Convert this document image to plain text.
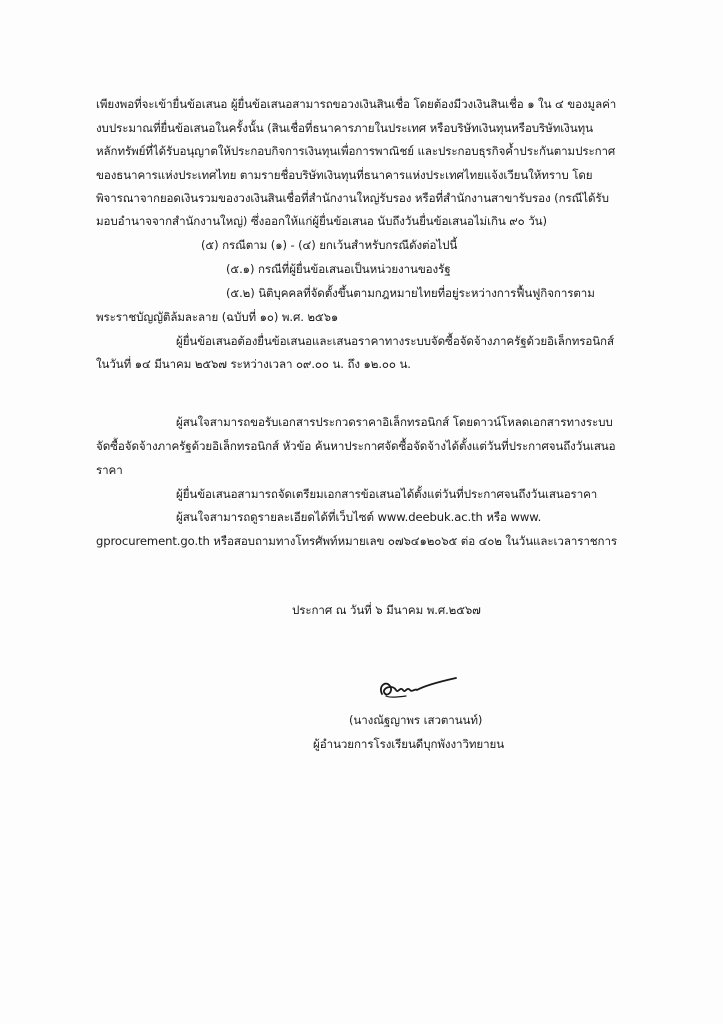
เพียงพอที่จะเข้ายื่นข้อเสนอ ผู้ยื่นข้อเสนอสามารถขอวงเงินสินเชื่อ โดยต้องมีวงเงินสินเชื่อ ๑ ใน ๔ ของมูลค่า
งบประมาณที่ยื่นข้อเสนอในครั้งนั้น (สินเชื่อที่ธนาคารภายในประเทศ หรือบริษัทเงินทุนหรือบริษัทเงินทุน
หลักทรัพย์ที่ได้รับอนุญาตให้ประกอบกิจการเงินทุนเพื่อการพาณิชย์ และประกอบธุรกิจค้ำประกันตามประกาศ
ของธนาคารแห่งประเทศไทย ตามรายชื่อบริษัทเงินทุนที่ธนาคารแห่งประเทศไทยแจ้งเวียนให้ทราบ โดย
พิจารณาจากยอดเงินรวมของวงเงินสินเชื่อที่สำนักงานใหญ่รับรอง หรือที่สำนักงานสาขารับรอง (กรณีได้รับ
มอบอำนาจจากสำนักงานใหญ่) ซึ่งออกให้แก่ผู้ยื่นข้อเสนอ นับถึงวันยื่นข้อเสนอไม่เกิน ๙๐ วัน)
(๕) กรณีตาม (๑) - (๔) ยกเว้นสำหรับกรณีดังต่อไปนี้
(๕.๑) กรณีที่ผู้ยื่นข้อเสนอเป็นหน่วยงานของรัฐ
(๕.๒) นิติบุคคลที่จัดตั้งขึ้นตามกฎหมายไทยที่อยู่ระหว่างการฟื้นฟูกิจการตาม
พระราชบัญญัติล้มละลาย (ฉบับที่ ๑๐) พ.ศ. ๒๕๖๑
ผู้ยื่นข้อเสนอต้องยื่นข้อเสนอและเสนอราคาทางระบบจัดซื้อจัดจ้างภาครัฐด้วยอิเล็กทรอนิกส์
ในวันที่ ๑๔ มีนาคม ๒๕๖๗ ระหว่างเวลา ๐๙.๐๐ น. ถึง ๑๒.๐๐ น.
ผู้สนใจสามารถขอรับเอกสารประกวดราคาอิเล็กทรอนิกส์ โดยดาวน์โหลดเอกสารทางระบบ
จัดซื้อจัดจ้างภาครัฐด้วยอิเล็กทรอนิกส์ หัวข้อ ค้นหาประกาศจัดซื้อจัดจ้างได้ตั้งแต่วันที่ประกาศจนถึงวันเสนอ
ราคา
ผู้ยื่นข้อเสนอสามารถจัดเตรียมเอกสารข้อเสนอได้ตั้งแต่วันที่ประกาศจนถึงวันเสนอราคา
ผู้สนใจสามารถดูรายละเอียดได้ที่เว็บไซต์ www.deebuk.ac.th หรือ www.
gprocurement.go.th หรือสอบถามทางโทรศัพท์หมายเลข ๐๗๖๔๑๒๐๖๕ ต่อ ๔๐๒ ในวันและเวลาราชการ
ประกาศ ณ วันที่ ๖ มีนาคม พ.ศ.๒๕๖๗
(นางณัฐญาพร เสวตานนท์)
ผู้อำนวยการโรงเรียนดีบุกพังงาวิทยายน
